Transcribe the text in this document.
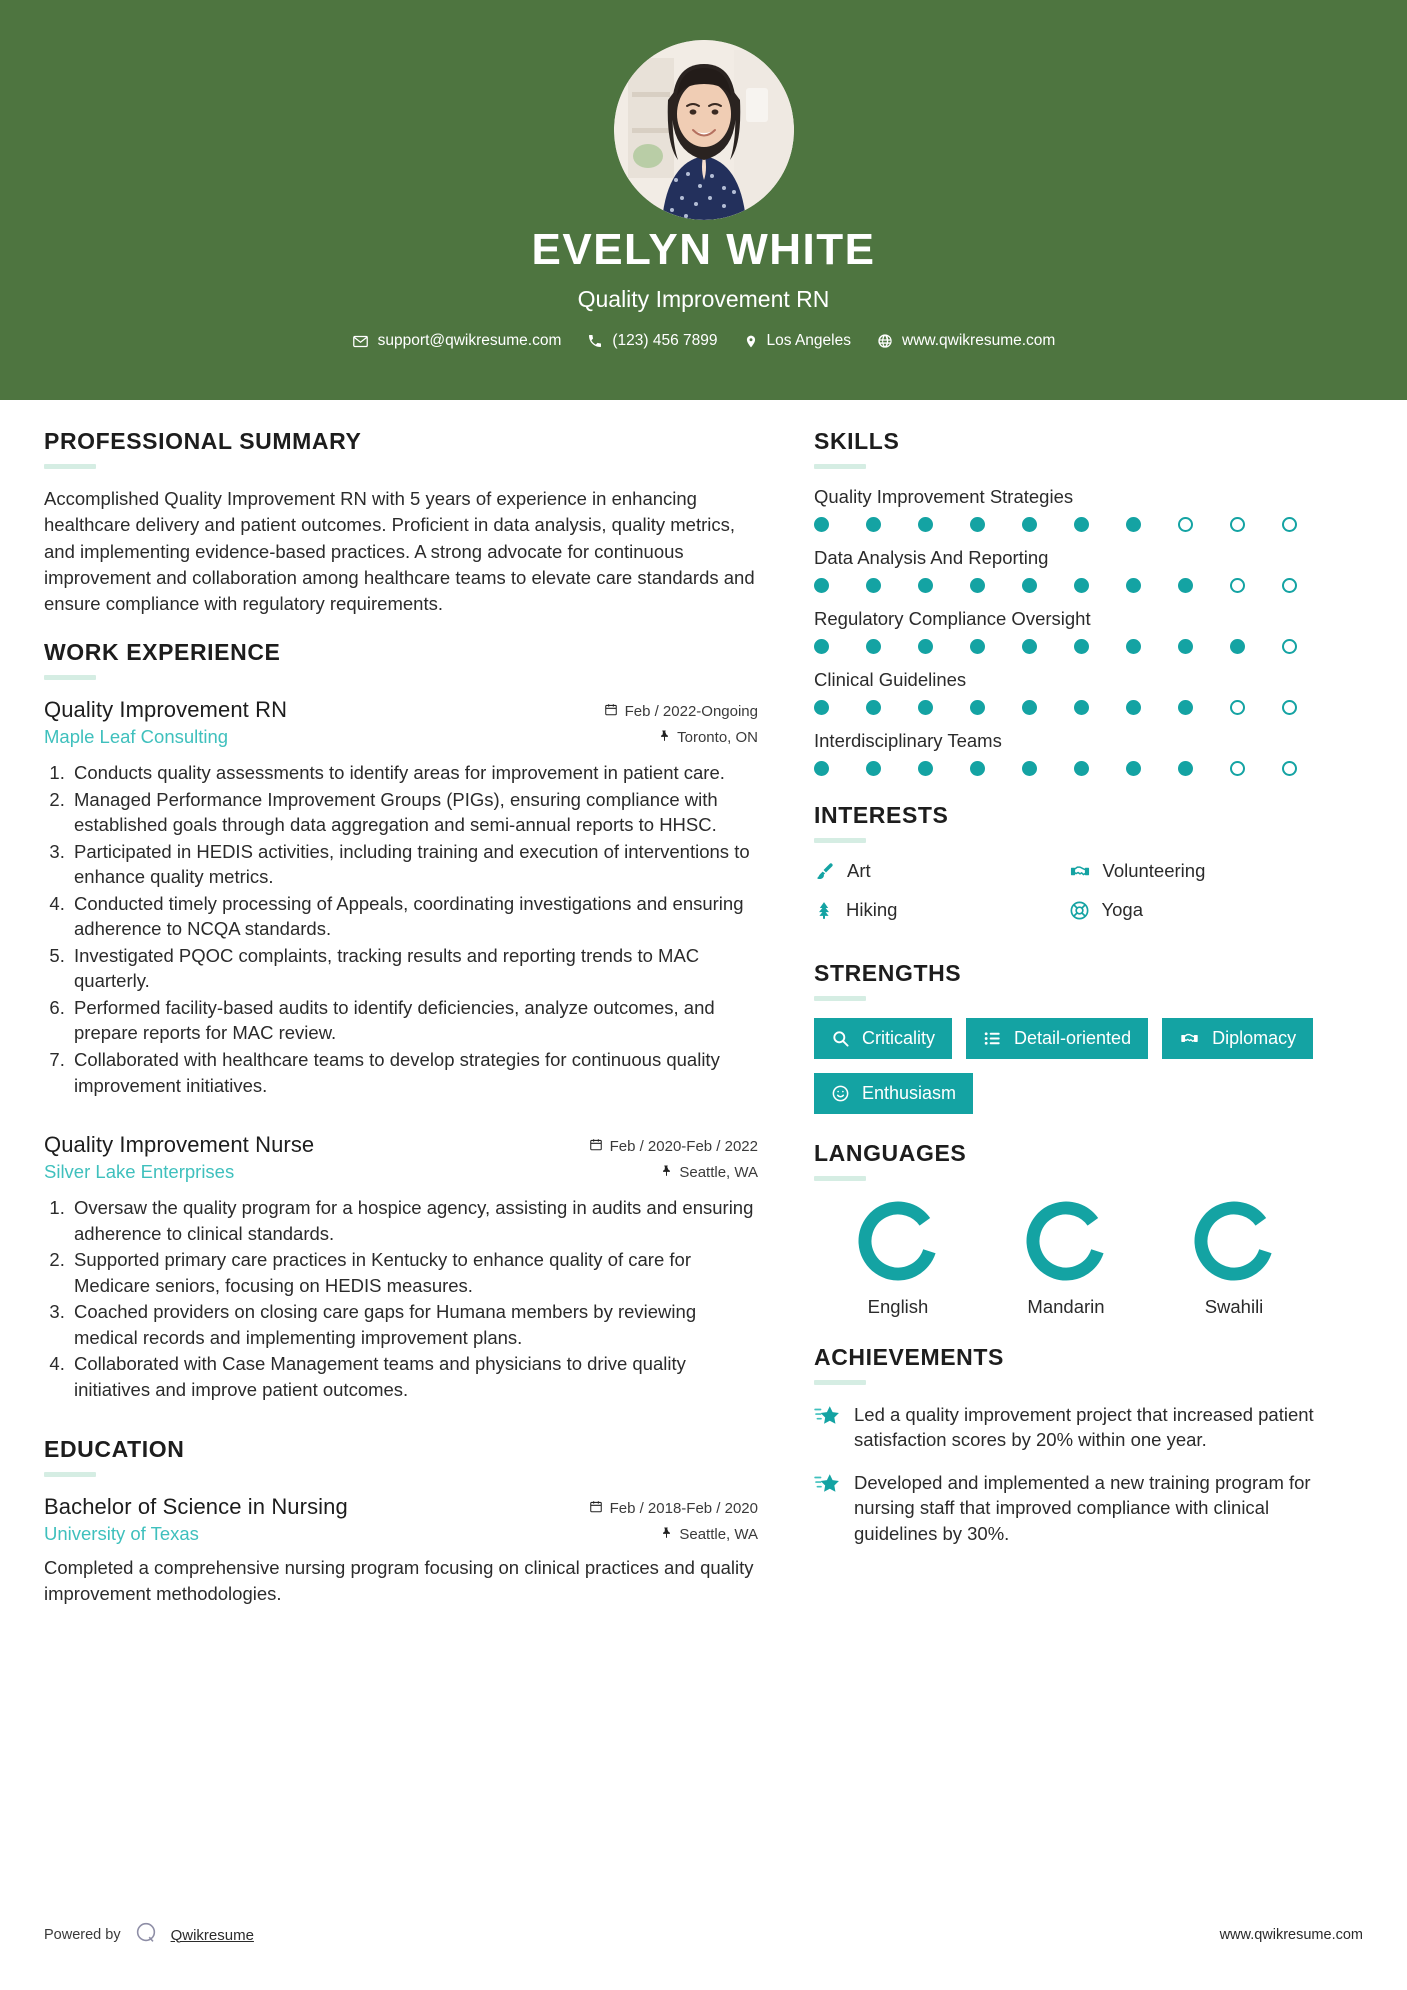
EVELYN WHITE
Quality Improvement RN
support@qwikresume.com	(123) 456 7899	Los Angeles	www.qwikresume.com
PROFESSIONAL SUMMARY
Accomplished Quality Improvement RN with 5 years of experience in enhancing healthcare delivery and patient outcomes. Proficient in data analysis, quality metrics, and implementing evidence-based practices. A strong advocate for continuous improvement and collaboration among healthcare teams to elevate care standards and ensure compliance with regulatory requirements.
WORK EXPERIENCE
Quality Improvement RN	Feb / 2022-Ongoing
Maple Leaf Consulting	Toronto, ON
1. Conducts quality assessments to identify areas for improvement in patient care.
2. Managed Performance Improvement Groups (PIGs), ensuring compliance with established goals through data aggregation and semi-annual reports to HHSC.
3. Participated in HEDIS activities, including training and execution of interventions to enhance quality metrics.
4. Conducted timely processing of Appeals, coordinating investigations and ensuring adherence to NCQA standards.
5. Investigated PQOC complaints, tracking results and reporting trends to MAC quarterly.
6. Performed facility-based audits to identify deficiencies, analyze outcomes, and prepare reports for MAC review.
7. Collaborated with healthcare teams to develop strategies for continuous quality improvement initiatives.
Quality Improvement Nurse	Feb / 2020-Feb / 2022
Silver Lake Enterprises	Seattle, WA
1. Oversaw the quality program for a hospice agency, assisting in audits and ensuring adherence to clinical standards.
2. Supported primary care practices in Kentucky to enhance quality of care for Medicare seniors, focusing on HEDIS measures.
3. Coached providers on closing care gaps for Humana members by reviewing medical records and implementing improvement plans.
4. Collaborated with Case Management teams and physicians to drive quality initiatives and improve patient outcomes.
EDUCATION
Bachelor of Science in Nursing	Feb / 2018-Feb / 2020
University of Texas	Seattle, WA
Completed a comprehensive nursing program focusing on clinical practices and quality improvement methodologies.
SKILLS
Quality Improvement Strategies
Data Analysis And Reporting
Regulatory Compliance Oversight
Clinical Guidelines
Interdisciplinary Teams
INTERESTS
Art	Volunteering
Hiking	Yoga
STRENGTHS
Criticality	Detail-oriented	Diplomacy
Enthusiasm
LANGUAGES
English	Mandarin	Swahili
ACHIEVEMENTS
Led a quality improvement project that increased patient satisfaction scores by 20% within one year.
Developed and implemented a new training program for nursing staff that improved compliance with clinical guidelines by 30%.
Powered by	Qwikresume	www.qwikresume.com
